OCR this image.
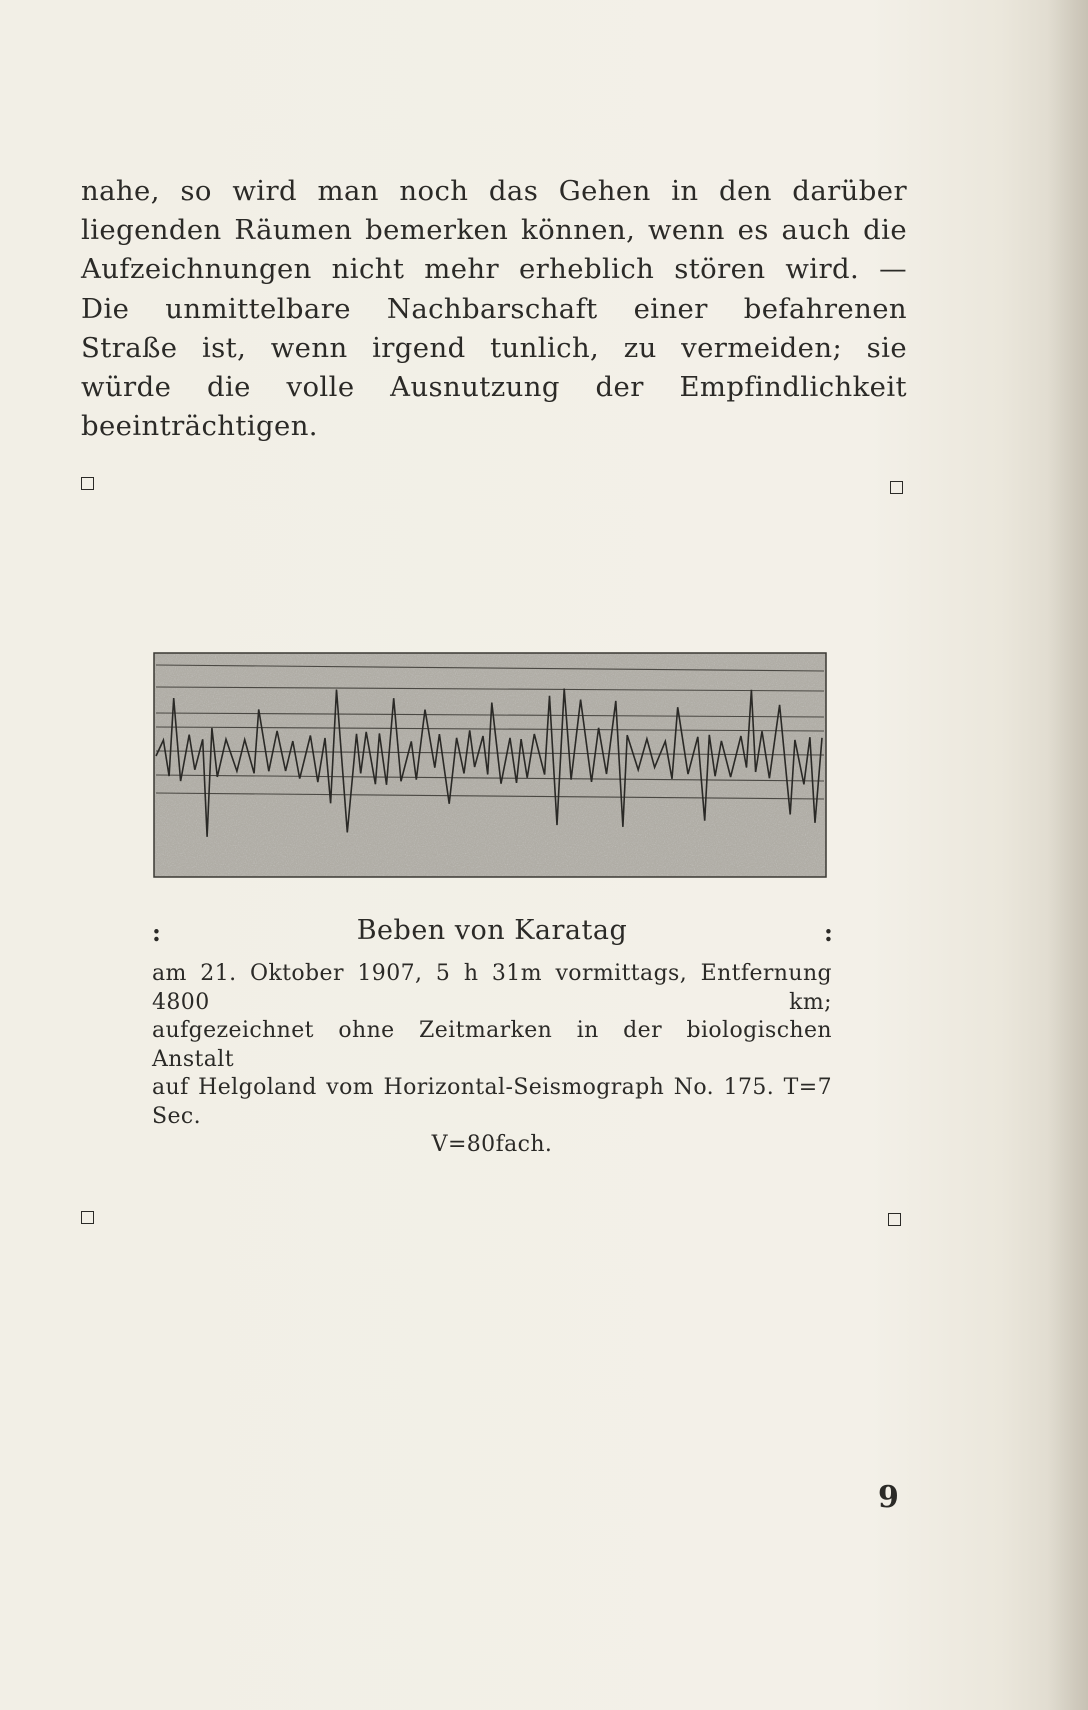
nahe, so wird man noch das Gehen in den darüber liegenden Räumen bemerken können, wenn es auch die Aufzeichnungen nicht mehr erheblich stören wird. — Die unmittelbare Nachbarschaft einer befahrenen Straße ist, wenn irgend tunlich, zu vermeiden; sie würde die volle Ausnutzung der Empfindlichkeit beeinträchtigen.

:	Beben von Karatag	:
am 21. Oktober 1907, 5 h 31m vormittags, Entfernung 4800 km;
aufgezeichnet ohne Zeitmarken in der biologischen Anstalt
auf Helgoland vom Horizontal-Seismograph No. 175. T=7 Sec.
V=80fach.
9
